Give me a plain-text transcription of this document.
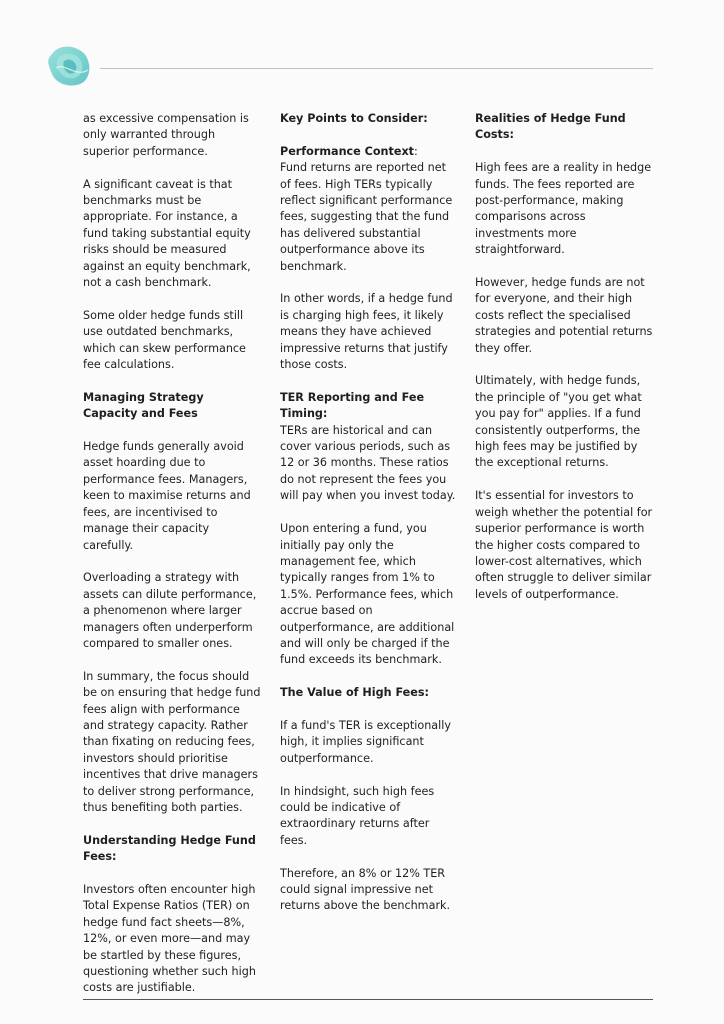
as excessive compensation is only warranted through superior performance.

A significant caveat is that benchmarks must be appropriate. For instance, a fund taking substantial equity risks should be measured against an equity benchmark, not a cash benchmark.

Some older hedge funds still use outdated benchmarks, which can skew performance fee calculations.

Managing Strategy Capacity and Fees

Hedge funds generally avoid asset hoarding due to performance fees. Managers, keen to maximise returns and fees, are incentivised to manage their capacity carefully.

Overloading a strategy with assets can dilute performance, a phenomenon where larger managers often underperform compared to smaller ones.

In summary, the focus should be on ensuring that hedge fund fees align with performance and strategy capacity. Rather than fixating on reducing fees, investors should prioritise incentives that drive managers to deliver strong performance, thus benefiting both parties.

Understanding Hedge Fund Fees:

Investors often encounter high Total Expense Ratios (TER) on hedge fund fact sheets—8%, 12%, or even more—and may be startled by these figures, questioning whether such high costs are justifiable.

Key Points to Consider:

Performance Context:

Fund returns are reported net of fees. High TERs typically reflect significant performance fees, suggesting that the fund has delivered substantial outperformance above its benchmark.

In other words, if a hedge fund is charging high fees, it likely means they have achieved impressive returns that justify those costs.

TER Reporting and Fee Timing:

TERs are historical and can cover various periods, such as 12 or 36 months. These ratios do not represent the fees you will pay when you invest today.

Upon entering a fund, you initially pay only the management fee, which typically ranges from 1% to 1.5%. Performance fees, which accrue based on outperformance, are additional and will only be charged if the fund exceeds its benchmark.

The Value of High Fees:

If a fund's TER is exceptionally high, it implies significant outperformance.

In hindsight, such high fees could be indicative of extraordinary returns after fees.

Therefore, an 8% or 12% TER could signal impressive net returns above the benchmark.

Realities of Hedge Fund Costs:

High fees are a reality in hedge funds. The fees reported are post-performance, making comparisons across investments more straightforward.

However, hedge funds are not for everyone, and their high costs reflect the specialised strategies and potential returns they offer.

Ultimately, with hedge funds, the principle of "you get what you pay for" applies. If a fund consistently outperforms, the high fees may be justified by the exceptional returns.

It's essential for investors to weigh whether the potential for superior performance is worth the higher costs compared to lower-cost alternatives, which often struggle to deliver similar levels of outperformance.
